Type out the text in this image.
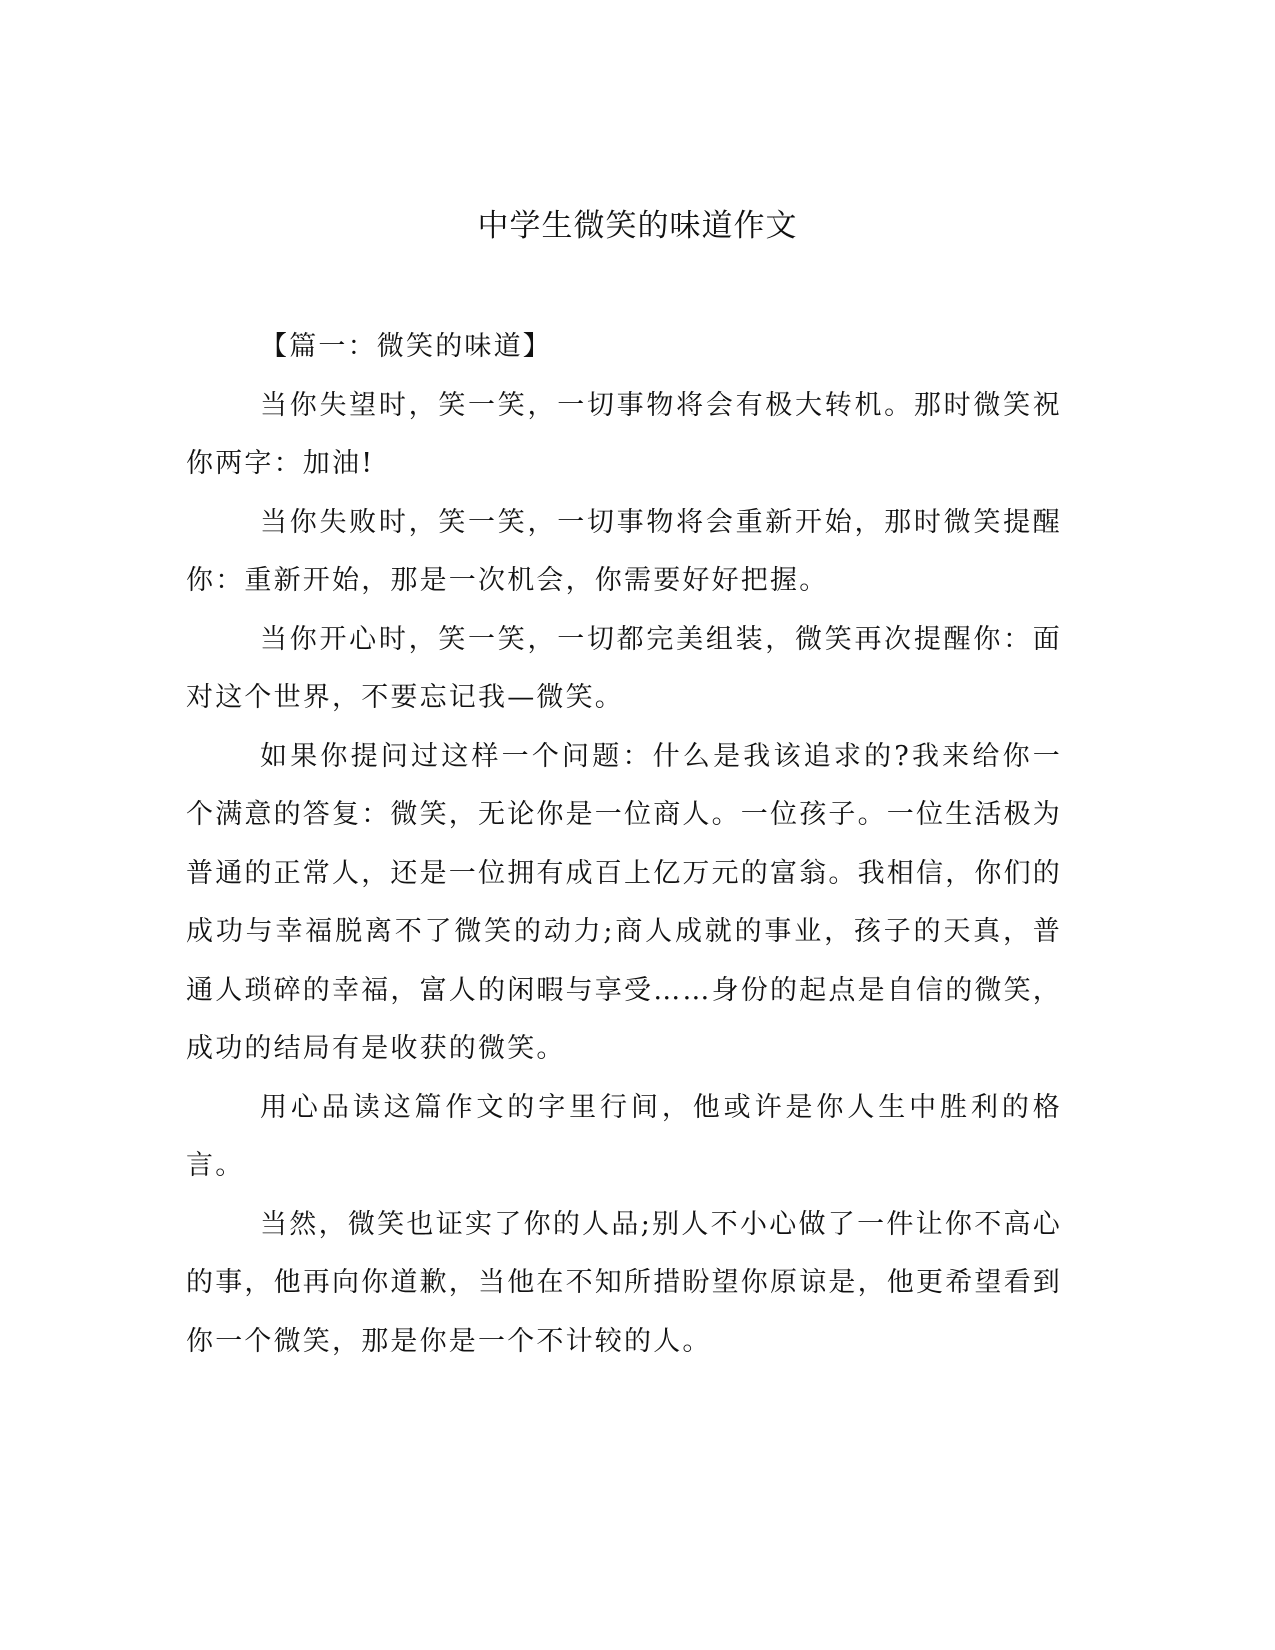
中学生微笑的味道作文

【篇一：微笑的味道】

当你失望时，笑一笑，一切事物将会有极大转机。那时微笑祝你两字：加油!

当你失败时，笑一笑，一切事物将会重新开始，那时微笑提醒你：重新开始，那是一次机会，你需要好好把握。

当你开心时，笑一笑，一切都完美组装，微笑再次提醒你：面对这个世界，不要忘记我—微笑。

如果你提问过这样一个问题：什么是我该追求的?我来给你一个满意的答复：微笑，无论你是一位商人。一位孩子。一位生活极为普通的正常人，还是一位拥有成百上亿万元的富翁。我相信，你们的成功与幸福脱离不了微笑的动力;商人成就的事业，孩子的天真，普通人琐碎的幸福，富人的闲暇与享受……身份的起点是自信的微笑，成功的结局有是收获的微笑。

用心品读这篇作文的字里行间，他或许是你人生中胜利的格言。

当然，微笑也证实了你的人品;别人不小心做了一件让你不高心的事，他再向你道歉，当他在不知所措盼望你原谅是，他更希望看到你一个微笑，那是你是一个不计较的人。
